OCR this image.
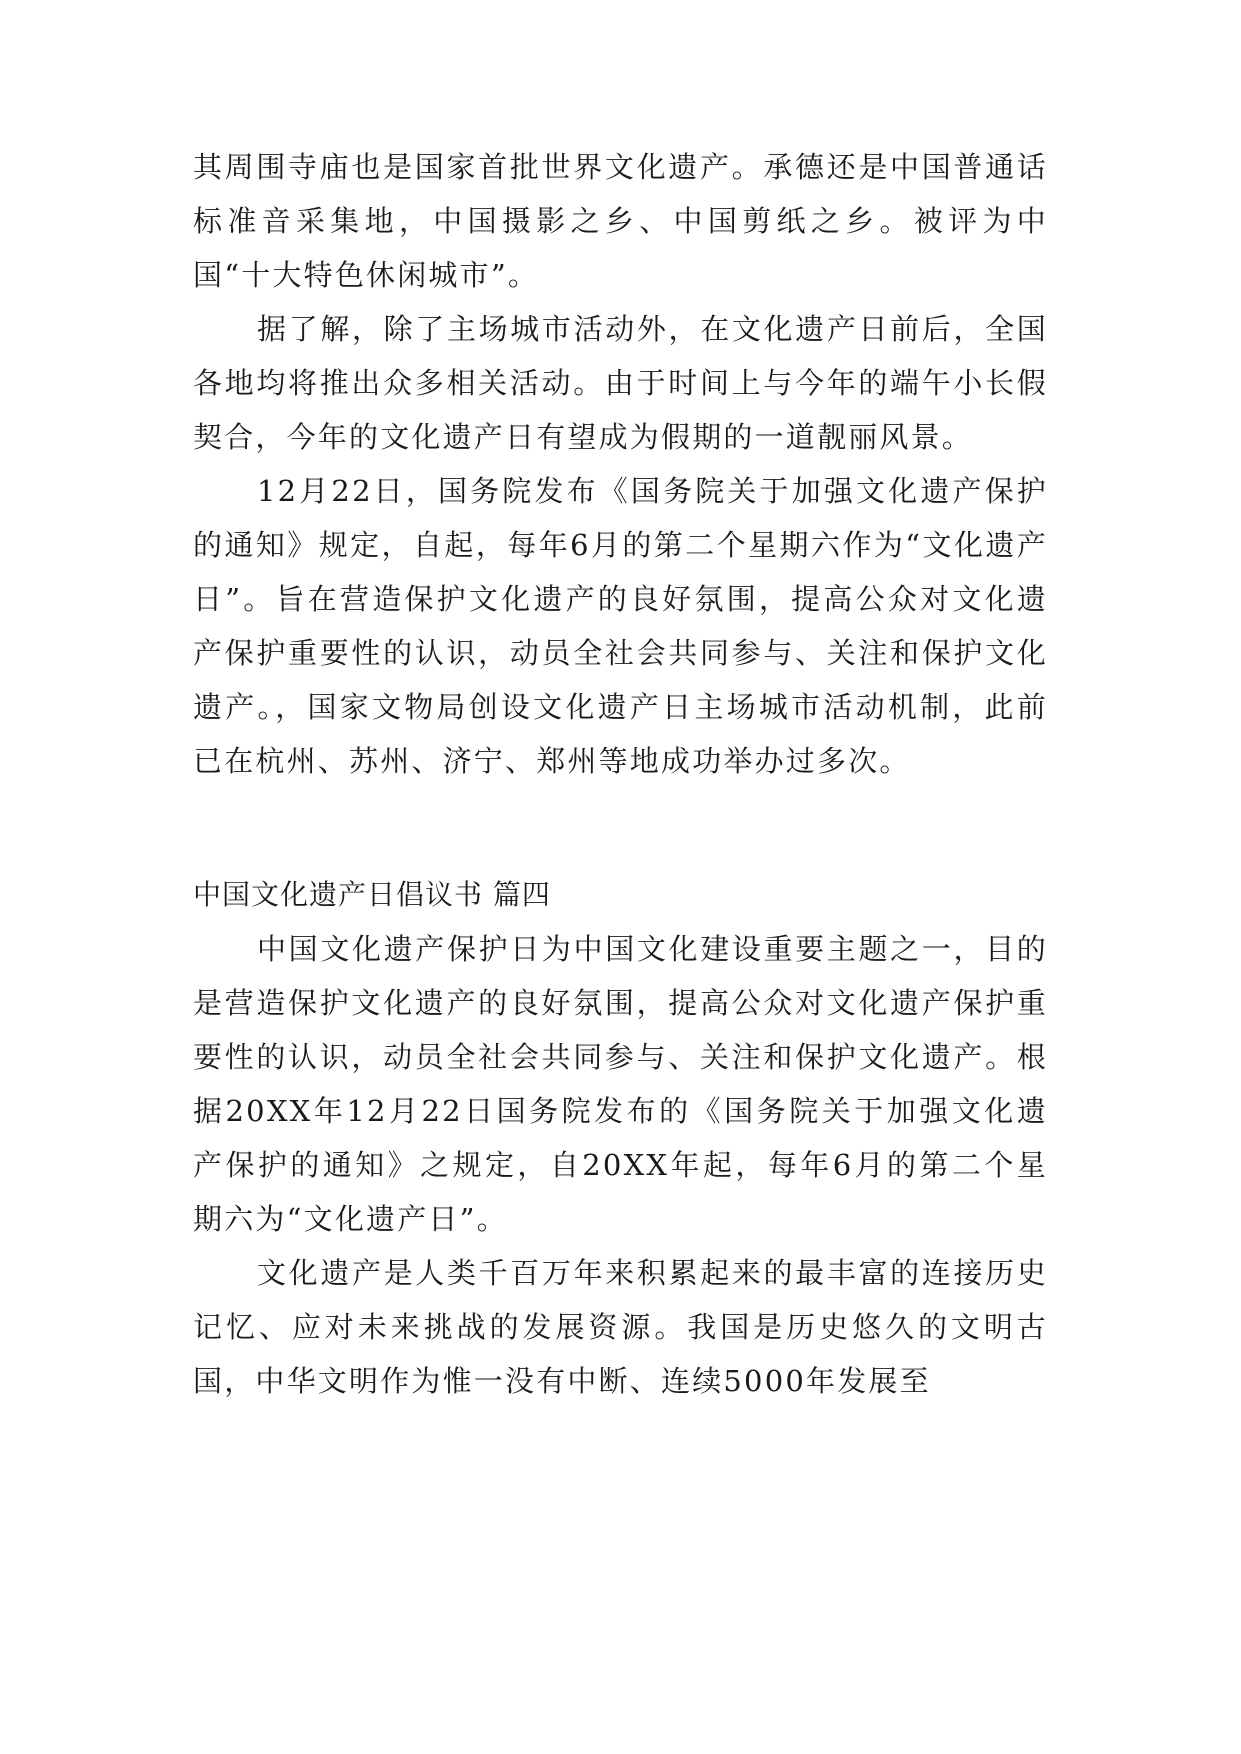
其周围寺庙也是国家首批世界文化遗产。承德还是中国普通话标准音采集地，中国摄影之乡、中国剪纸之乡。被评为中国“十大特色休闲城市”。

据了解，除了主场城市活动外，在文化遗产日前后，全国各地均将推出众多相关活动。由于时间上与今年的端午小长假契合，今年的文化遗产日有望成为假期的一道靓丽风景。

12月22日，国务院发布《国务院关于加强文化遗产保护的通知》规定，自起，每年6月的第二个星期六作为“文化遗产日”。旨在营造保护文化遗产的良好氛围，提高公众对文化遗产保护重要性的认识，动员全社会共同参与、关注和保护文化遗产。，国家文物局创设文化遗产日主场城市活动机制，此前已在杭州、苏州、济宁、郑州等地成功举办过多次。

中国文化遗产日倡议书 篇四

中国文化遗产保护日为中国文化建设重要主题之一，目的是营造保护文化遗产的良好氛围，提高公众对文化遗产保护重要性的认识，动员全社会共同参与、关注和保护文化遗产。根据20XX年12月22日国务院发布的《国务院关于加强文化遗产保护的通知》之规定，自20XX年起，每年6月的第二个星期六为“文化遗产日”。

文化遗产是人类千百万年来积累起来的最丰富的连接历史记忆、应对未来挑战的发展资源。我国是历史悠久的文明古国，中华文明作为惟一没有中断、连续5000年发展至
